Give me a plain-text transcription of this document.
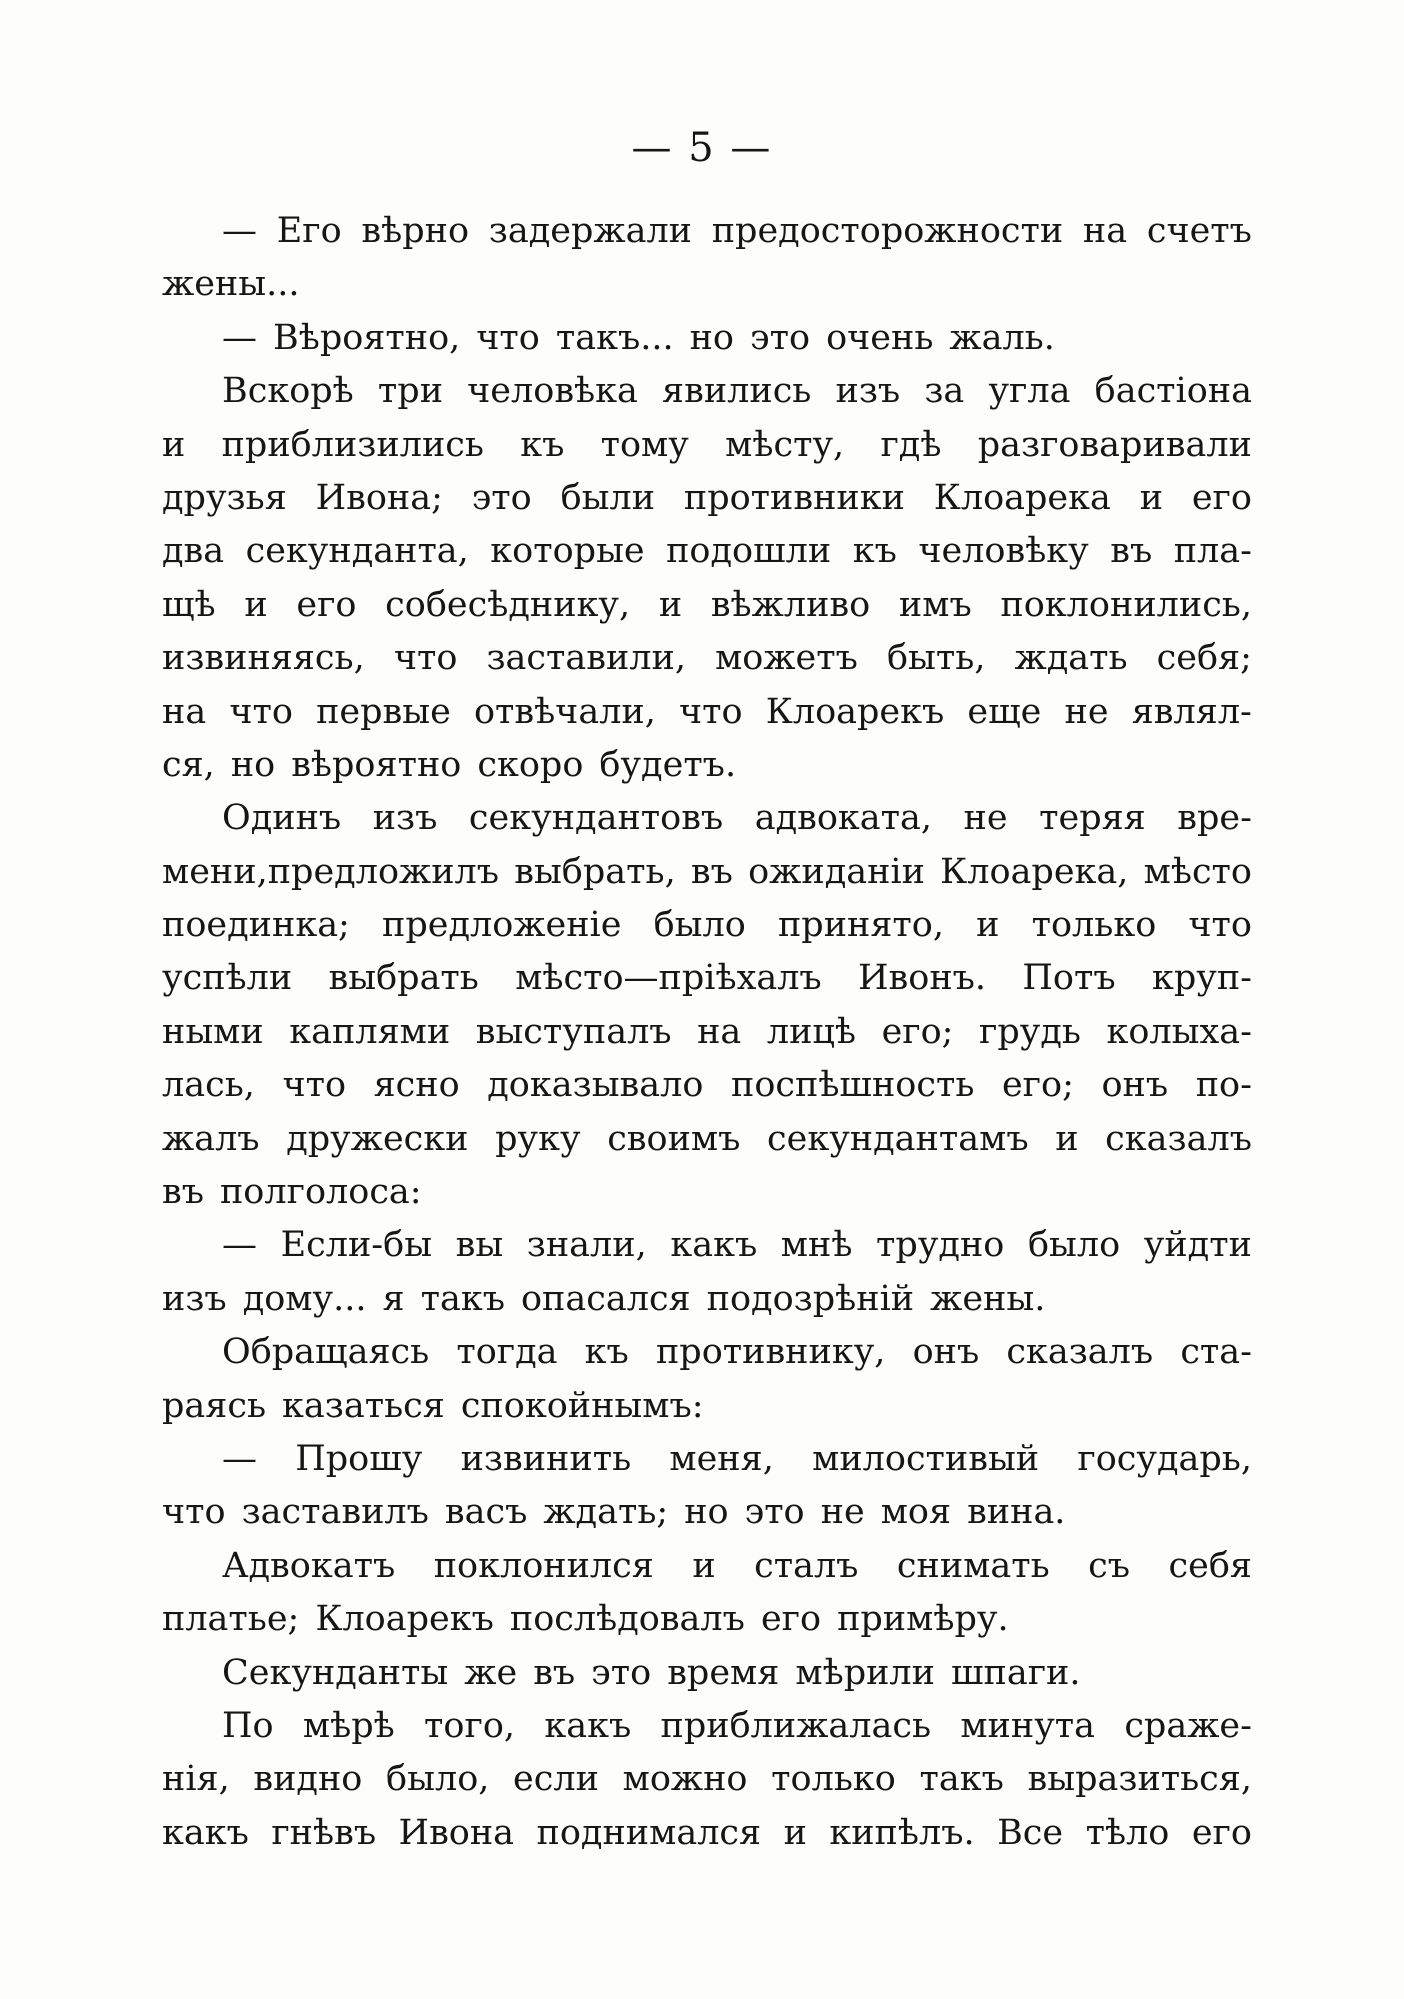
— 5 —
— Его вѣрно задержали предосторожности на счетъ
жены...
— Вѣроятно, что такъ... но это очень жаль.
Вскорѣ три человѣка явились изъ за угла бастіона
и приблизились къ тому мѣсту, гдѣ разговаривали
друзья Ивона; это были противники Клоарека и его
два секунданта, которые подошли къ человѣку въ пла-
щѣ и его собесѣднику, и вѣжливо имъ поклонились,
извиняясь, что заставили, можетъ быть, ждать себя;
на что первые отвѣчали, что Клоарекъ еще не являл-
ся, но вѣроятно скоро будетъ.
Одинъ изъ секундантовъ адвоката, не теряя вре-
мени,предложилъ выбрать, въ ожиданіи Клоарека, мѣсто
поединка; предложеніе было принято, и только что
успѣли выбрать мѣсто—пріѣхалъ Ивонъ. Потъ круп-
ными каплями выступалъ на лицѣ его; грудь колыха-
лась, что ясно доказывало поспѣшность его; онъ по-
жалъ дружески руку своимъ секундантамъ и сказалъ
въ полголоса:
— Если-бы вы знали, какъ мнѣ трудно было уйдти
изъ дому... я такъ опасался подозрѣній жены.
Обращаясь тогда къ противнику, онъ сказалъ ста-
раясь казаться спокойнымъ:
— Прошу извинить меня, милостивый государь,
что заставилъ васъ ждать; но это не моя вина.
Адвокатъ поклонился и сталъ снимать съ себя
платье; Клоарекъ послѣдовалъ его примѣру.
Секунданты же въ это время мѣрили шпаги.
По мѣрѣ того, какъ приближалась минута сраже-
нія, видно было, если можно только такъ выразиться,
какъ гнѣвъ Ивона поднимался и кипѣлъ. Все тѣло его
